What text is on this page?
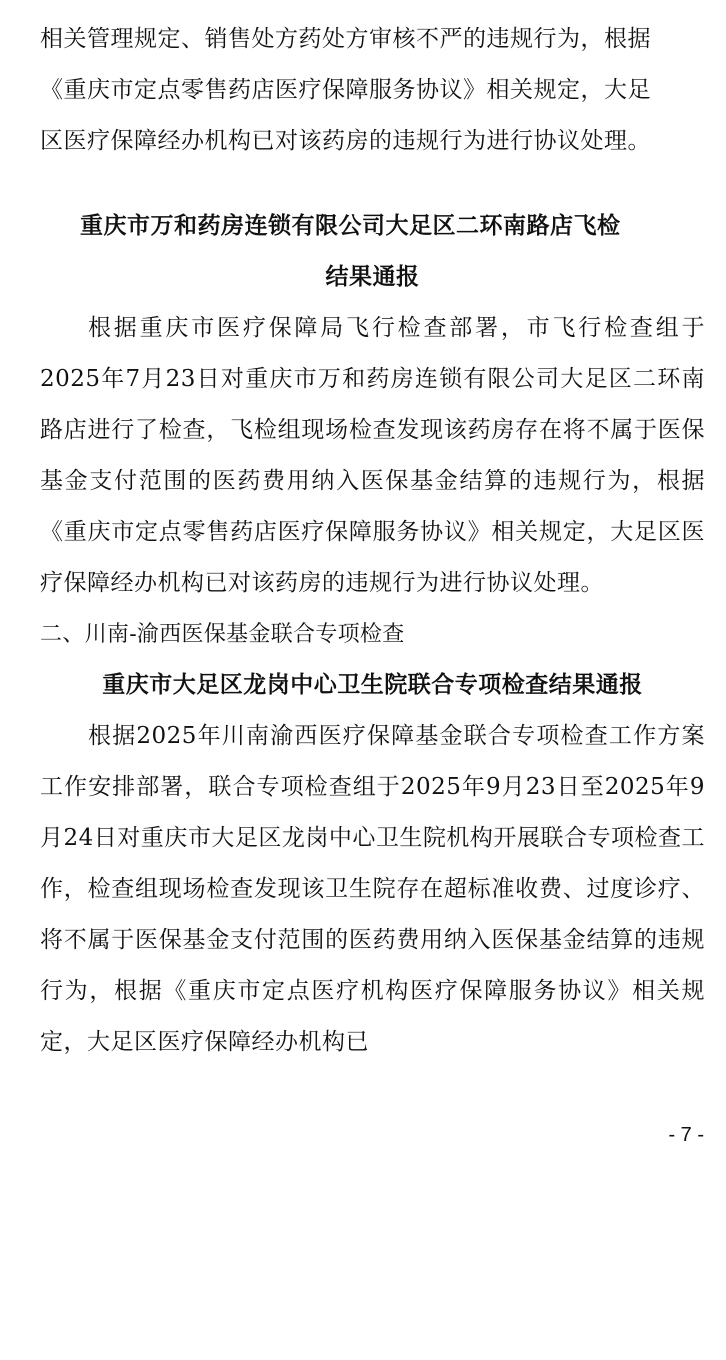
相关管理规定、销售处方药处方审核不严的违规行为，根据

《重庆市定点零售药店医疗保障服务协议》相关规定，大足

区医疗保障经办机构已对该药房的违规行为进行协议处理。

重庆市万和药房连锁有限公司大足区二环南路店飞检

结果通报

根据重庆市医疗保障局飞行检查部署，市飞行检查组于2025年7月23日对重庆市万和药房连锁有限公司大足区二环南路店进行了检查，飞检组现场检查发现该药房存在将不属于医保基金支付范围的医药费用纳入医保基金结算的违规行为，根据《重庆市定点零售药店医疗保障服务协议》相关规定，大足区医疗保障经办机构已对该药房的违规行为进行协议处理。

二、川南-渝西医保基金联合专项检查

重庆市大足区龙岗中心卫生院联合专项检查结果通报

根据2025年川南渝西医疗保障基金联合专项检查工作方案工作安排部署，联合专项检查组于2025年9月23日至2025年9月24日对重庆市大足区龙岗中心卫生院机构开展联合专项检查工作，检查组现场检查发现该卫生院存在超标准收费、过度诊疗、将不属于医保基金支付范围的医药费用纳入医保基金结算的违规行为，根据《重庆市定点医疗机构医疗保障服务协议》相关规定，大足区医疗保障经办机构已

- 7 -
